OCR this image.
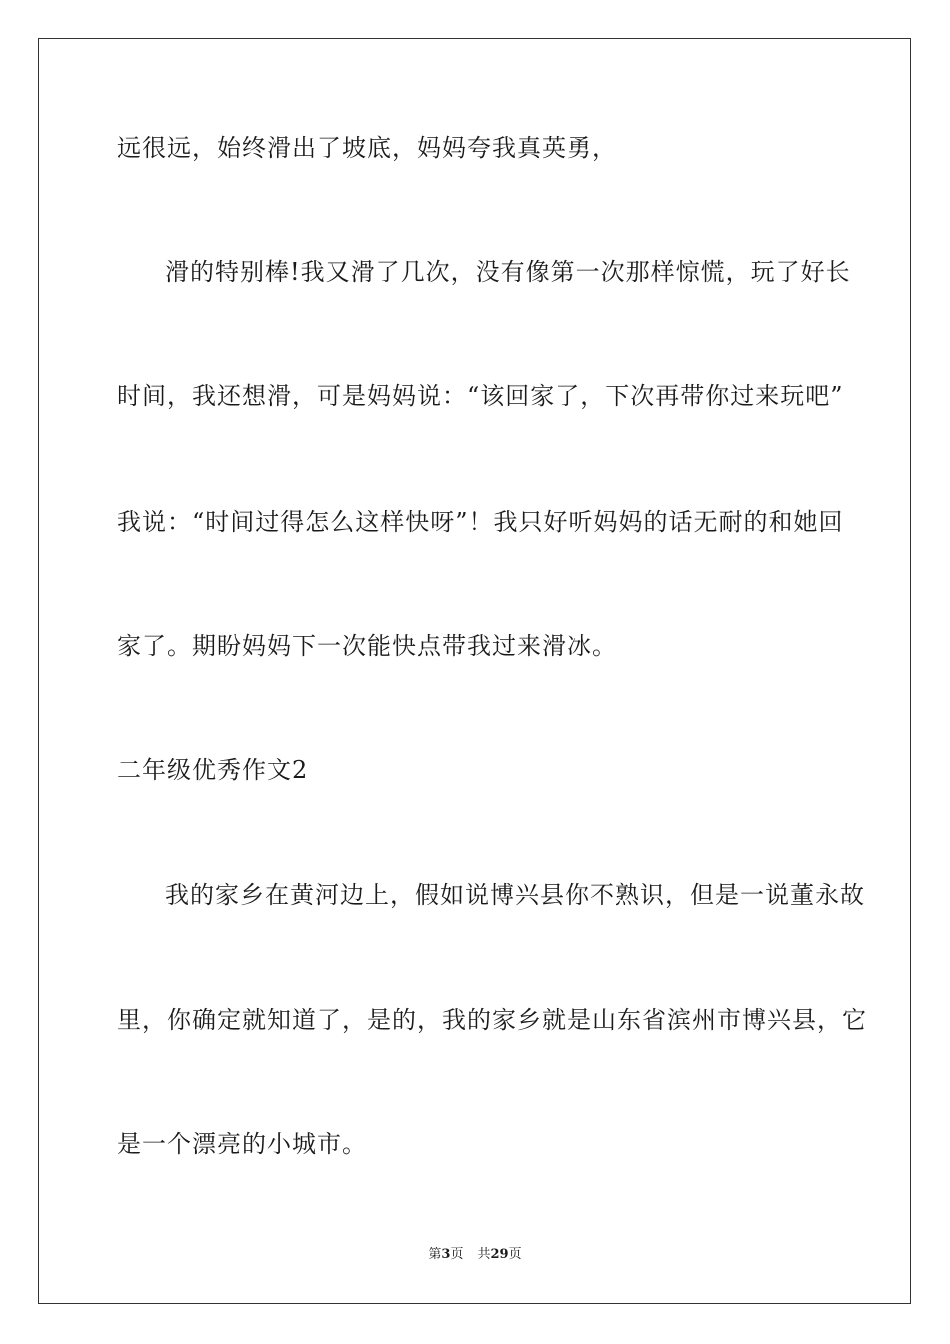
远很远，始终滑出了坡底，妈妈夸我真英勇，
滑的特别棒!我又滑了几次，没有像第一次那样惊慌，玩了好长
时间，我还想滑，可是妈妈说：“该回家了，下次再带你过来玩吧”
我说：“时间过得怎么这样快呀”！我只好听妈妈的话无耐的和她回
家了。期盼妈妈下一次能快点带我过来滑冰。
二年级优秀作文2
我的家乡在黄河边上，假如说博兴县你不熟识，但是一说董永故
里，你确定就知道了，是的，我的家乡就是山东省滨州市博兴县，它
是一个漂亮的小城市。
第3页 共29页
